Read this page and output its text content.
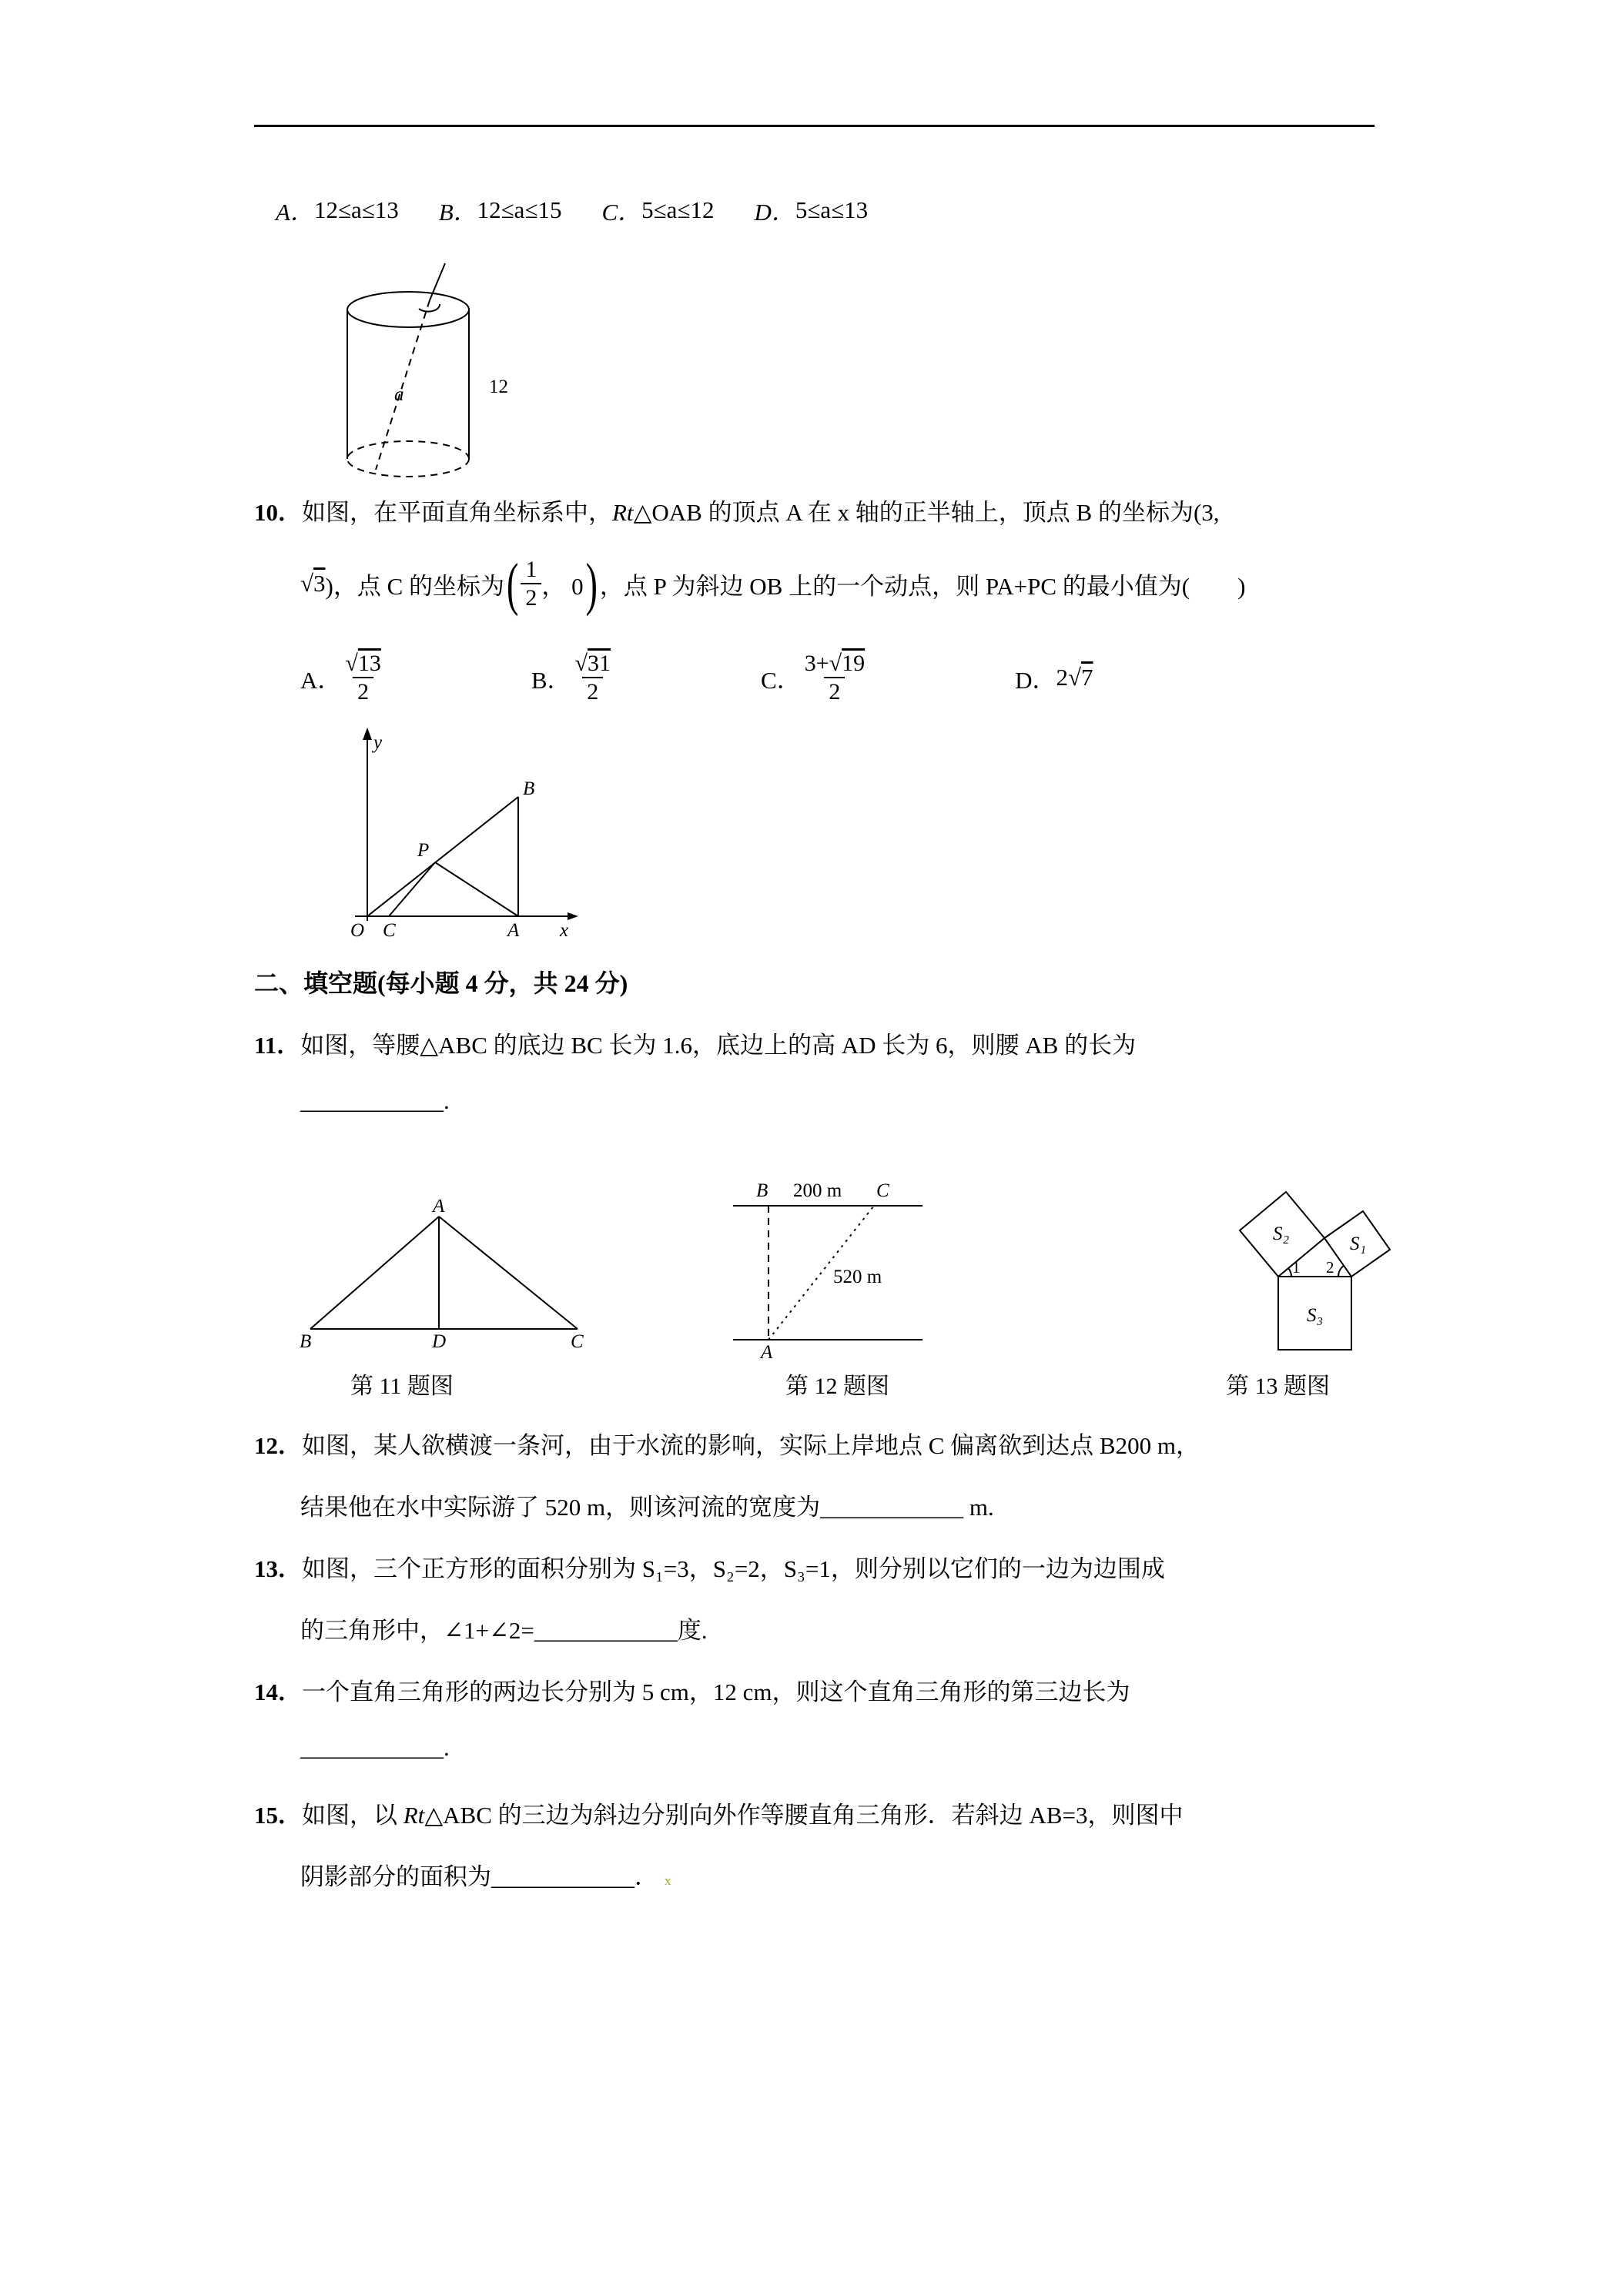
A． 12≤a≤13 B． 12≤a≤15 C． 5≤a≤12 D． 5≤a≤13
a	12
10．如图，在平面直角坐标系中，Rt△OAB 的顶点 A 在 x 轴的正半轴上，顶点 B 的坐标为(3,
√ 3 )，点 C 的坐标为 ( $\frac{1}{2}$ ， 0 ) ，点 P 为斜边 OB 上的一个动点，则 PA+PC 的最小值为(　　)
A． $\frac{√13}{2}$	B． $\frac{√31}{2}$	C． $\frac{3+√19}{2}$	D． 2 √ 7
y
O C	A x
B
P
二、填空题(每小题 4 分，共 24 分)
11．如图，等腰△ABC 的底边 BC 长为 1.6，底边上的高 AD 长为 6，则腰 AB 的长为
____________.
A
B	D	C
第 11 题图
B 200 m C
520 m
A
第 12 题图
S₂	S₁
S₃
1 2
第 13 题图
12．如图，某人欲横渡一条河，由于水流的影响，实际上岸地点 C 偏离欲到达点 B200 m，
结果他在水中实际游了 520 m，则该河流的宽度为____________ m.
13．如图，三个正方形的面积分别为 S₁=3，S₂=2，S₃=1，则分别以它们的一边为边围成
的三角形中，∠1+∠2=____________度.
14．一个直角三角形的两边长分别为 5 cm，12 cm，则这个直角三角形的第三边长为
____________.
15．如图，以 Rt△ABC 的三边为斜边分别向外作等腰直角三角形．若斜边 AB=3，则图中
阴影部分的面积为____________． x
